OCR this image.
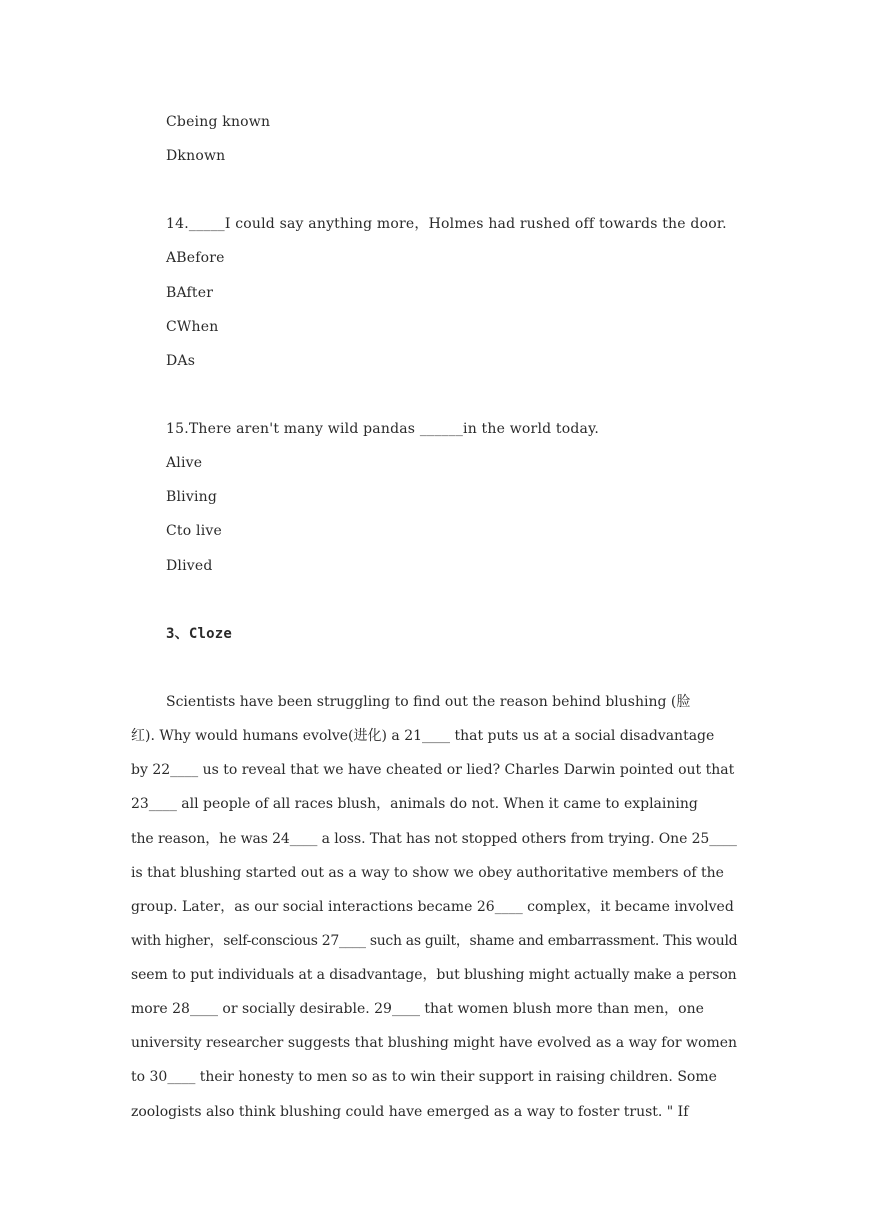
Cbeing known
Dknown
14._____I could say anything more，Holmes had rushed off towards the door.
ABefore
BAfter
CWhen
DAs
15.There aren't many wild pandas ______in the world today.
Alive
Bliving
Cto live
Dlived
3、Cloze
Scientists have been struggling to find out the reason behind blushing (脸
红). Why would humans evolve(进化) a 21____ that puts us at a social disadvantage
by 22____ us to reveal that we have cheated or lied? Charles Darwin pointed out that
23____ all people of all races blush，animals do not. When it came to explaining
the reason，he was 24____ a loss. That has not stopped others from trying. One 25____
is that blushing started out as a way to show we obey authoritative members of the
group. Later，as our social interactions became 26____ complex，it became involved
with higher，self-conscious 27____ such as guilt，shame and embarrassment. This would
seem to put individuals at a disadvantage，but blushing might actually make a person
more 28____ or socially desirable. 29____ that women blush more than men，one
university researcher suggests that blushing might have evolved as a way for women
to 30____ their honesty to men so as to win their support in raising children. Some
zoologists also think blushing could have emerged as a way to foster trust. " If
